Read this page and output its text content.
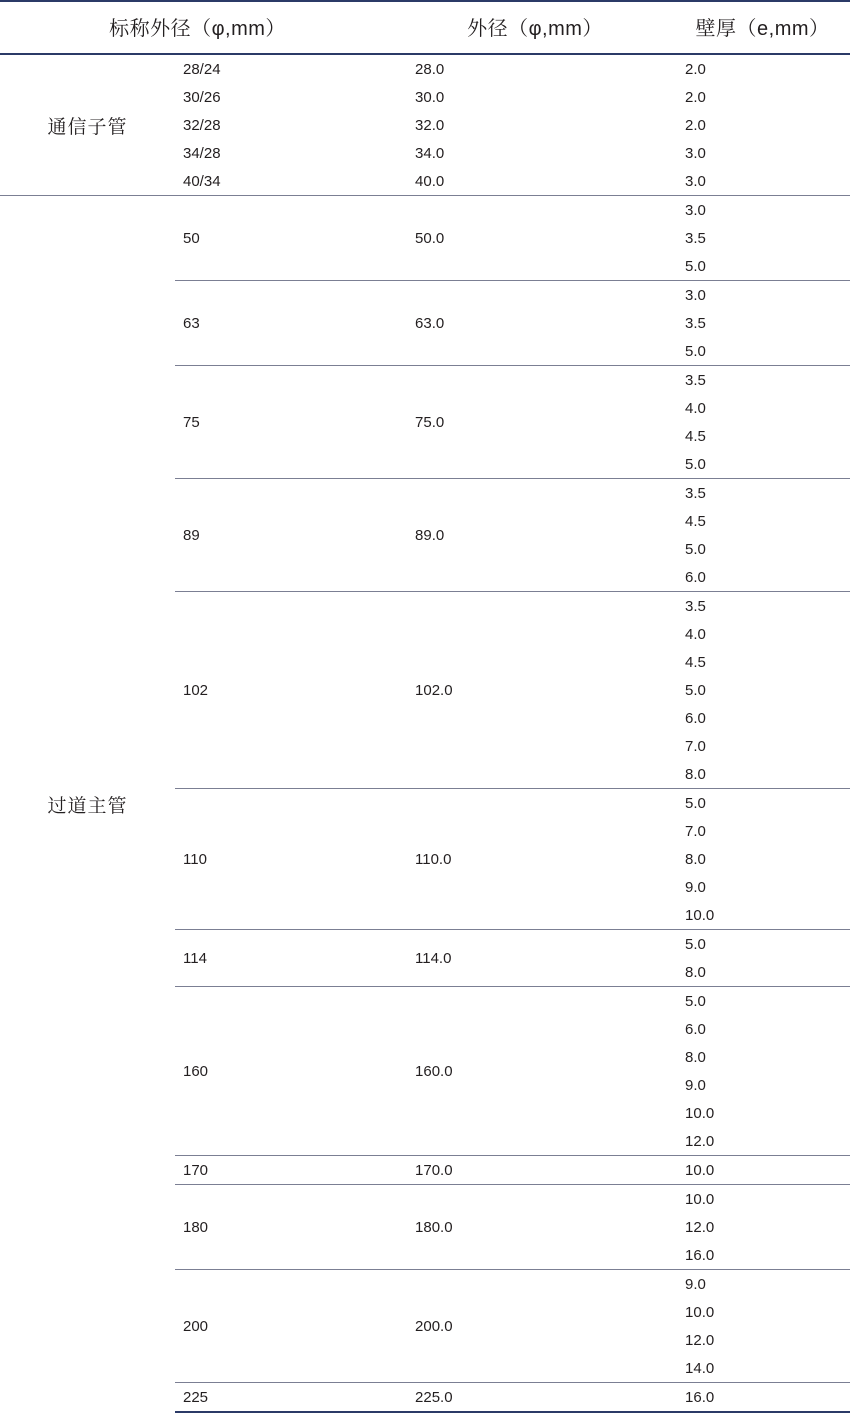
标称外径（φ,mm）		外径（φ,mm）	壁厚（e,mm）
通信子管	28/24	28.0	2.0
	30/26	30.0	2.0
	32/28	32.0	2.0
	34/28	34.0	3.0
	40/34	40.0	3.0
过道主管	50	50.0	3.0
			3.5
			5.0
	63	63.0	3.0
			3.5
			5.0
	75	75.0	3.5
			4.0
			4.5
			5.0
	89	89.0	3.5
			4.5
			5.0
			6.0
	102	102.0	3.5
			4.0
			4.5
			5.0
			6.0
			7.0
			8.0
	110	110.0	5.0
			7.0
			8.0
			9.0
			10.0
	114	114.0	5.0
			8.0
	160	160.0	5.0
			6.0
			8.0
			9.0
			10.0
			12.0
	170	170.0	10.0
	180	180.0	10.0
			12.0
			16.0
	200	200.0	9.0
			10.0
			12.0
			14.0
	225	225.0	16.0
